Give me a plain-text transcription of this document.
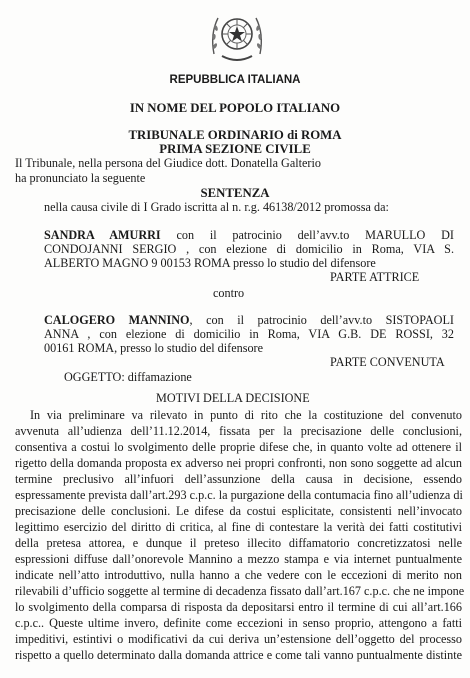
REPUBBLICA ITALIANA
IN NOME DEL POPOLO ITALIANO
TRIBUNALE ORDINARIO di ROMA
PRIMA SEZIONE CIVILE
Il Tribunale, nella persona del Giudice dott. Donatella Galterio
ha pronunciato la seguente
SENTENZA
nella causa civile di I Grado iscritta al n. r.g. 46138/2012 promossa da:
SANDRA AMURRI con il patrocinio dell’avv.to MARULLO DI
CONDOJANNI SERGIO , con elezione di domicilio in Roma, VIA S.
ALBERTO MAGNO 9 00153 ROMA presso lo studio del difensore
PARTE ATTRICE
contro
CALOGERO MANNINO, con il patrocinio dell’avv.to SISTOPAOLI
ANNA , con elezione di domicilio in Roma, VIA G.B. DE ROSSI, 32
00161 ROMA, presso lo studio del difensore
PARTE CONVENUTA
OGGETTO: diffamazione
MOTIVI DELLA DECISIONE
In via preliminare va rilevato in punto di rito che la costituzione del convenuto
avvenuta all’udienza dell’11.12.2014, fissata per la precisazione delle conclusioni,
consentiva a costui lo svolgimento delle proprie difese che, in quanto volte ad ottenere il
rigetto della domanda proposta ex adverso nei propri confronti, non sono soggette ad alcun
termine preclusivo all’infuori dell’assunzione della causa in decisione, essendo
espressamente prevista dall’art.293 c.p.c. la purgazione della contumacia fino all’udienza di
precisazione delle conclusioni. Le difese da costui esplicitate, consistenti nell’invocato
legittimo esercizio del diritto di critica, al fine di contestare la verità dei fatti costitutivi
della pretesa attorea, e dunque il preteso illecito diffamatorio concretizzatosi nelle
espressioni diffuse dall’onorevole Mannino a mezzo stampa e via internet puntualmente
indicate nell’atto introduttivo, nulla hanno a che vedere con le eccezioni di merito non
rilevabili d’ufficio soggette al termine di decadenza fissato dall’art.167 c.p.c. che ne impone
lo svolgimento della comparsa di risposta da depositarsi entro il termine di cui all’art.166
c.p.c.. Queste ultime invero, definite come eccezioni in senso proprio, attengono a fatti
impeditivi, estintivi o modificativi da cui deriva un’estensione dell’oggetto del processo
rispetto a quello determinato dalla domanda attrice e come tali vanno puntualmente distinte
